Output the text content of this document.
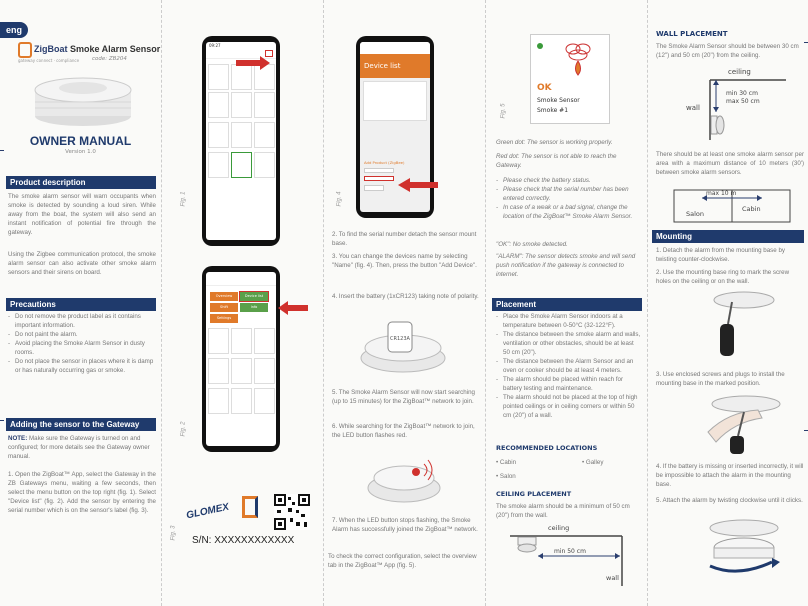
eng
ZigBoat
gateway connect · compliance
Smoke Alarm Sensor
code: ZB204
OWNER MANUAL
Version 1.0
Product description
The smoke alarm sensor will warn occupants when smoke is detected by sounding a loud siren. While away from the boat, the system will also send an instant notification of potential fire through the gateway.
Using the Zigbee communication protocol, the smoke alarm sensor can also activate other smoke alarm sensors and their sirens on board.
Precautions
- Do not remove the product label as it contains important information.
- Do not paint the alarm.
- Avoid placing the Smoke Alarm Sensor in dusty rooms.
- Do not place the sensor in places where it is damp or has naturally occurring gas or smoke.
Adding the sensor to the Gateway
NOTE: Make sure the Gateway is turned on and configured; for more details see the Gateway owner manual.
1. Open the ZigBoat™ App, select the Gateway in the ZB Gateways menu, waiting a few seconds, then select the menu button on the top right (fig. 1). Select "Device list" (fig. 2). Add the sensor by entering the serial number which is on the sensor's label (fig. 3).
Fig. 1
Fig. 2
Fig. 3
09:27
Overview	Device list
Shift	Info
Settings
GLOMEX
S/N: XXXXXXXXXXXX
Fig. 4
Device list
Add Product (ZigBee)
2. To find the serial number detach the sensor mount base.
3. You can change the devices name by selecting "Name" (fig. 4). Then, press the button "Add Device".
4. Insert the battery (1xCR123) taking note of polarity.
CR123A
5. The Smoke Alarm Sensor will now start searching (up to 15 minutes) for the ZigBoat™ network to join.
6. While searching for the ZigBoat™ network to join, the LED button flashes red.
7. When the LED button stops flashing, the Smoke Alarm has successfully joined the ZigBoat™ network.
To check the correct configuration, select the overview tab in the ZigBoat™ App (fig. 5).
Fig. 5
OK
Smoke Sensor
Smoke #1
Green dot: The sensor is working properly.
Red dot: The sensor is not able to reach the Gateway.
- Please check the battery status.
- Please check that the serial number has been entered correctly.
- In case of a weak or a bad signal, change the location of the ZigBoat™ Smoke Alarm Sensor.
"OK": No smoke detected.
"ALARM": The sensor detects smoke and will send push notification if the gateway is connected to internet.
Placement
- Place the Smoke Alarm Sensor indoors at a temperature between 0-50°C (32-122°F).
- The distance between the smoke alarm and walls, ventilation or other obstacles, should be at least 50 cm (20").
- The distance between the Alarm Sensor and an oven or cooker should be at least 4 meters.
- The alarm should be placed within reach for battery testing and maintenance.
- The alarm should not be placed at the top of high pointed ceilings or in ceiling corners or within 50 cm (20") of a wall.
RECOMMENDED LOCATIONS
• Cabin	• Galley
• Salon
CEILING PLACEMENT
The smoke alarm should be a minimum of 50 cm (20") from the wall.
ceiling
min 50 cm
wall
WALL PLACEMENT
The Smoke Alarm Sensor should be between 30 cm (12") and 50 cm (20") from the ceiling.
ceiling
wall
min 30 cm
max 50 cm
There should be at least one smoke alarm sensor per area with a maximum distance of 10 meters (30') between smoke alarm sensors.
max 10 m
Salon
Cabin
Mounting
1. Detach the alarm from the mounting base by twisting counter-clockwise.
2. Use the mounting base ring to mark the screw holes on the ceiling or on the wall.
3. Use enclosed screws and plugs to install the mounting base in the marked position.
4. If the battery is missing or inserted incorrectly, it will be impossible to attach the alarm in the mounting base.
5. Attach the alarm by twisting clockwise until it clicks.
